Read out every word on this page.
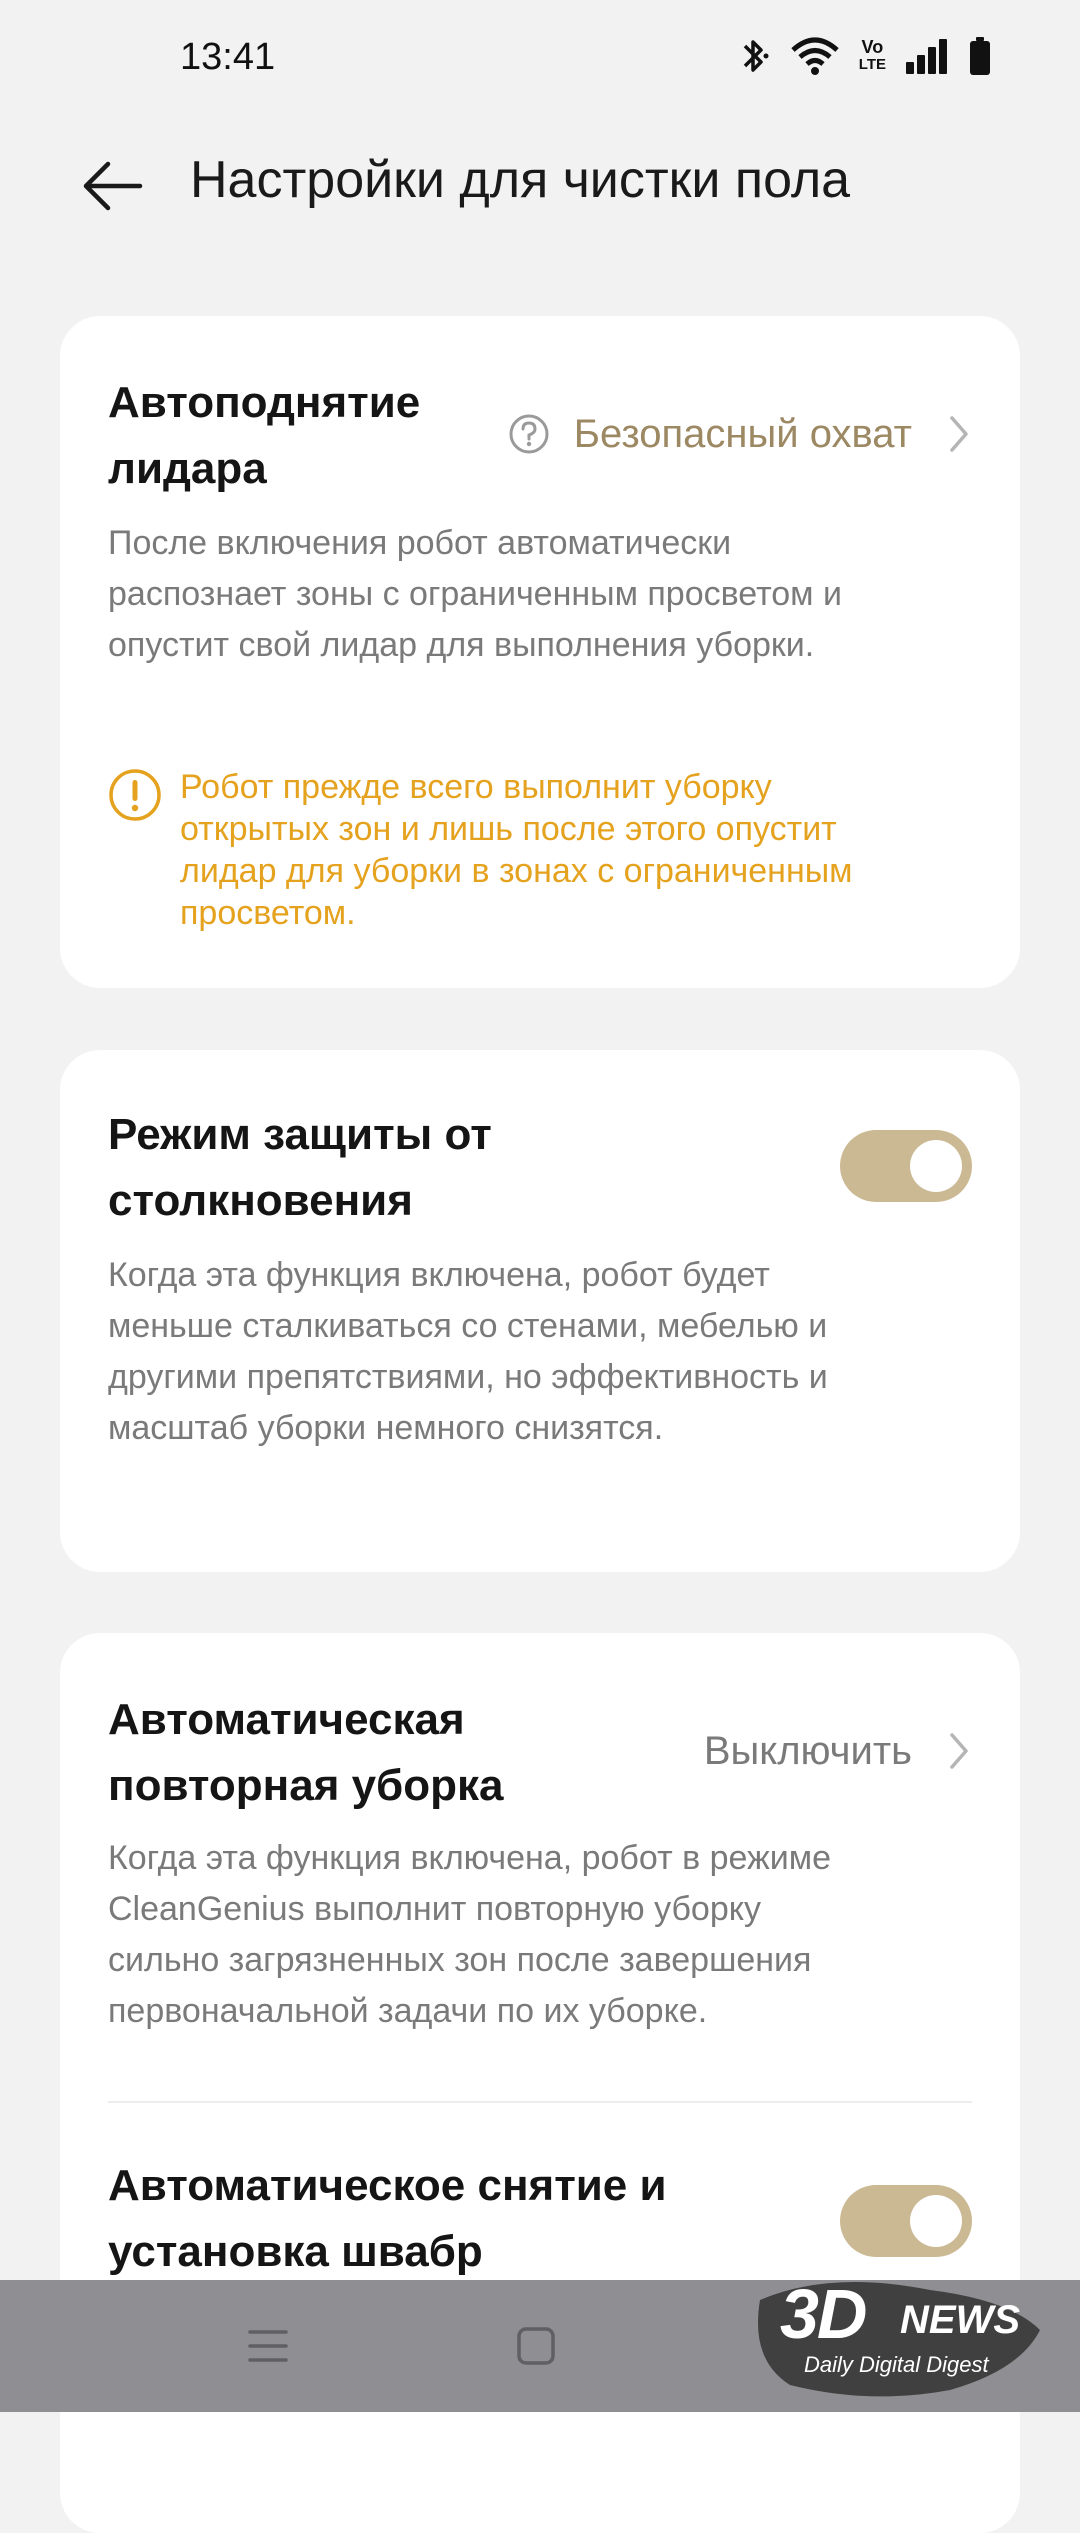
13:41	Vo
LTE
Настройки для чистки пола
Автоподнятие лидара
Безопасный охват
После включения робот автоматически распознает зоны с ограниченным просветом и опустит свой лидар для выполнения уборки.
Робот прежде всего выполнит уборку открытых зон и лишь после этого опустит лидар для уборки в зонах с ограниченным просветом.
Режим защиты от столкновения
Когда эта функция включена, робот будет меньше сталкиваться со стенами, мебелью и другими препятствиями, но эффективность и масштаб уборки немного снизятся.
Автоматическая повторная уборка
Выключить
Когда эта функция включена, робот в режиме CleanGenius выполнит повторную уборку сильно загрязненных зон после завершения первоначальной задачи по их уборке.
Автоматическое снятие и установка швабр
3D NEWS
Daily Digital Digest
